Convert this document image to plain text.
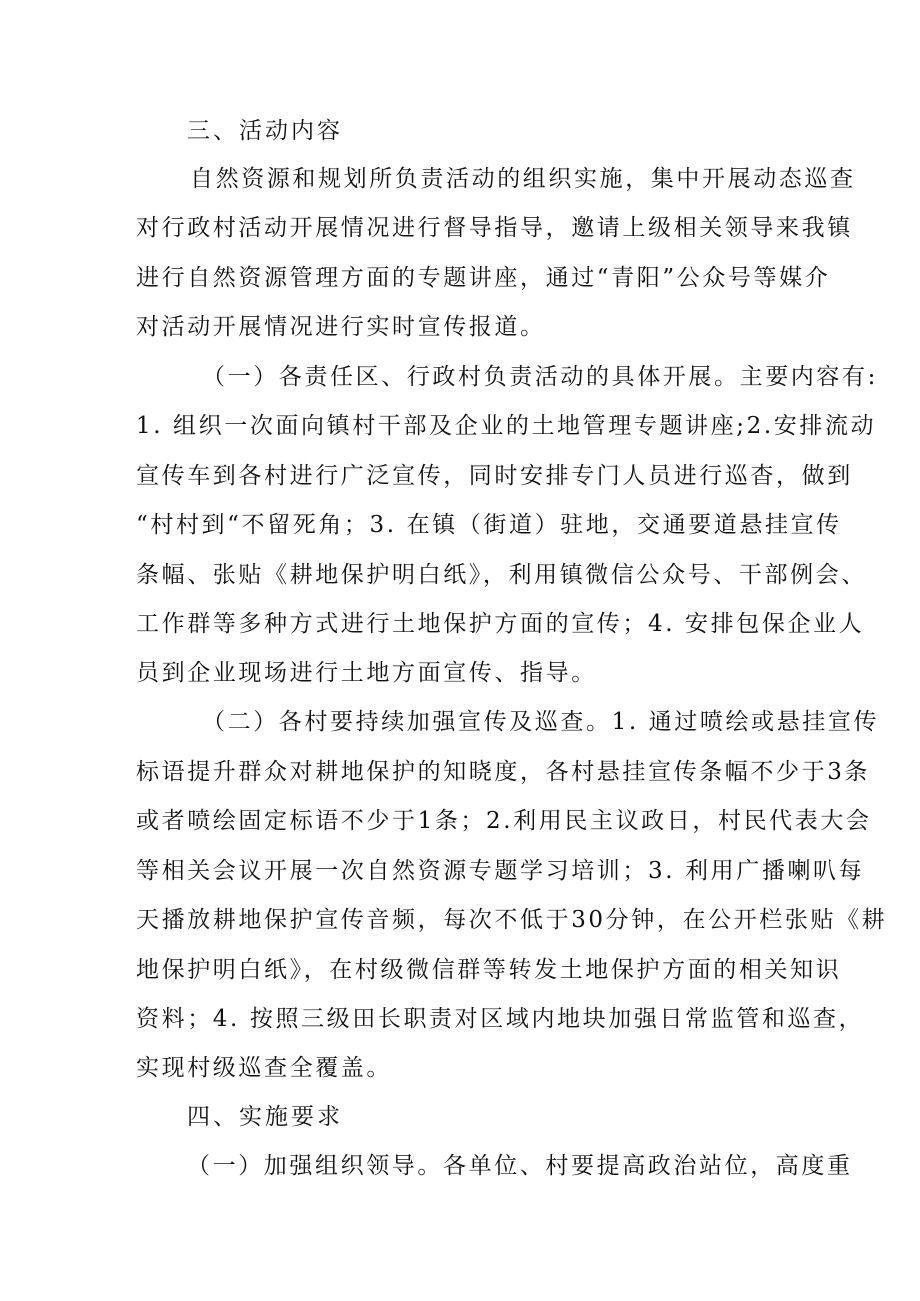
三、活动内容
自然资源和规划所负责活动的组织实施，集中开展动态巡查
对行政村活动开展情况进行督导指导，邀请上级相关领导来我镇
进行自然资源管理方面的专题讲座，通过“青阳”公众号等媒介
对活动开展情况进行实时宣传报道。
（一）各责任区、行政村负责活动的具体开展。主要内容有:
1. 组织一次面向镇村干部及企业的土地管理专题讲座;2.安排流动
宣传车到各村进行广泛宣传，同时安排专门人员进行巡杳，做到
“村村到“不留死角；3. 在镇（街道）驻地，交通要道悬挂宣传
条幅、张贴《耕地保护明白纸》，利用镇微信公众号、干部例会、
工作群等多种方式进行土地保护方面的宣传；4. 安排包保企业人
员到企业现场进行土地方面宣传、指导。
（二）各村要持续加强宣传及巡查。1. 通过喷绘或悬挂宣传
标语提升群众对耕地保护的知晓度，各村悬挂宣传条幅不少于3条
或者喷绘固定标语不少于1条；2.利用民主议政日，村民代表大会
等相关会议开展一次自然资源专题学习培训；3. 利用广播喇叭每
天播放耕地保护宣传音频，每次不低于30分钟，在公开栏张贴《耕
地保护明白纸》，在村级微信群等转发土地保护方面的相关知识
资料；4. 按照三级田长职责对区域内地块加强日常监管和巡查，
实现村级巡查全覆盖。
四、实施要求
（一）加强组织领导。各单位、村要提高政治站位，高度重
